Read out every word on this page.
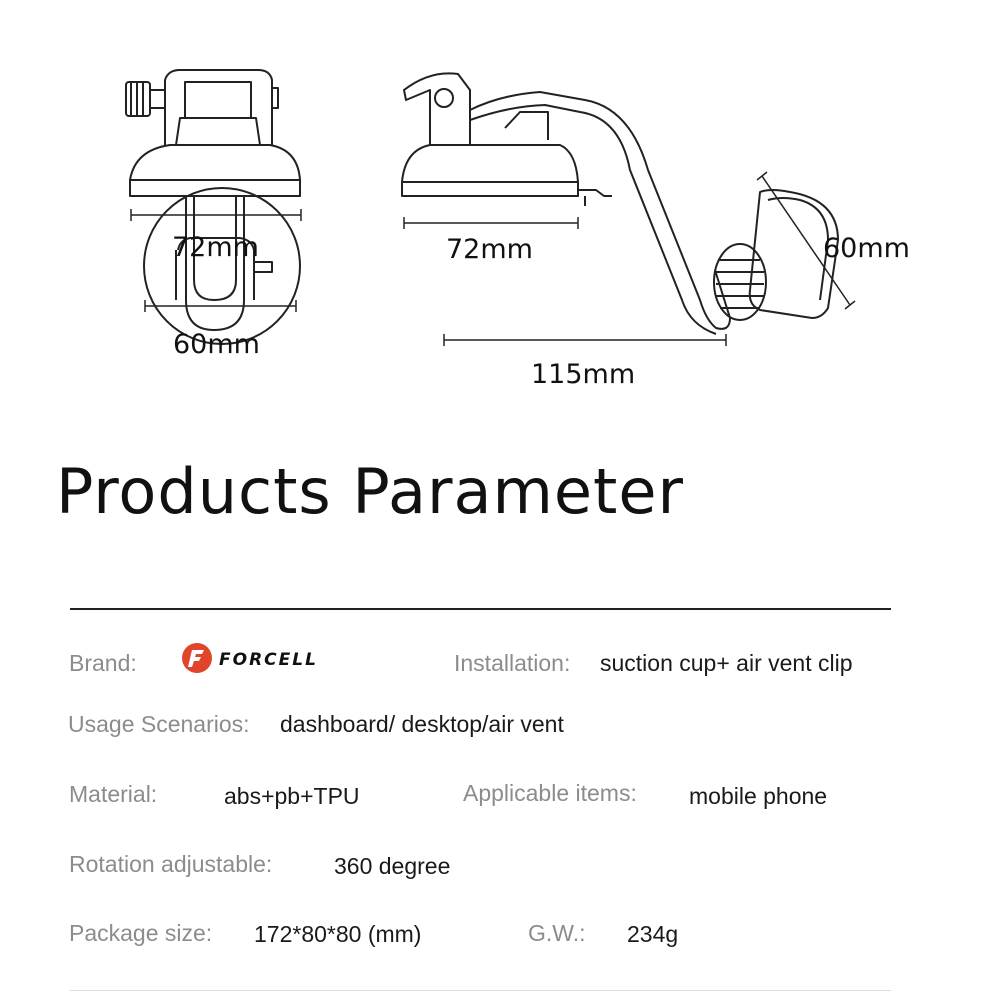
72mm
60mm
72mm	60mm
115mm
Products Parameter
Brand:	FORCELL	Installation: suction cup+ air vent clip
Usage Scenarios: dashboard/ desktop/air vent
Material:	abs+pb+TPU	Applicable items: mobile phone
Rotation adjustable:	360 degree
Package size: 172*80*80 (mm)	G.W.: 234g
